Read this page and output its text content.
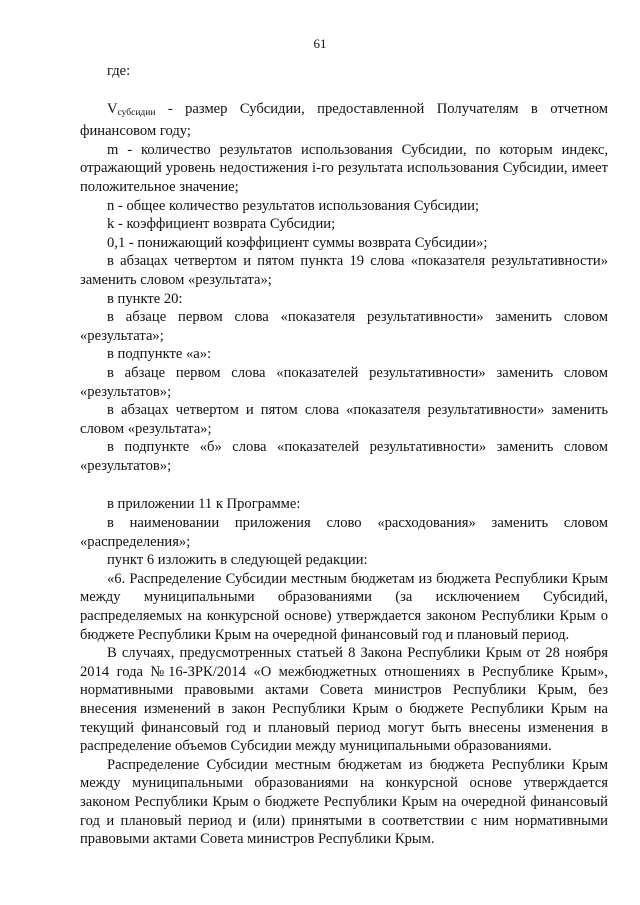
61

где:

$V_{субсидии}$ - размер Субсидии, предоставленной Получателям в отчетном финансовом году;

m - количество результатов использования Субсидии, по которым индекс, отражающий уровень недостижения i-го результата использования Субсидии, имеет положительное значение;

n - общее количество результатов использования Субсидии;

k - коэффициент возврата Субсидии;

0,1 - понижающий коэффициент суммы возврата Субсидии»;

в абзацах четвертом и пятом пункта 19 слова «показателя результативности» заменить словом «результата»;

в пункте 20:

в абзаце первом слова «показателя результативности» заменить словом «результата»;

в подпункте «а»:

в абзаце первом слова «показателей результативности» заменить словом «результатов»;

в абзацах четвертом и пятом слова «показателя результативности» заменить словом «результата»;

в подпункте «б» слова «показателей результативности» заменить словом «результатов»;

в приложении 11 к Программе:

в наименовании приложения слово «расходования» заменить словом «распределения»;

пункт 6 изложить в следующей редакции:

«6. Распределение Субсидии местным бюджетам из бюджета Республики Крым между муниципальными образованиями (за исключением Субсидий, распределяемых на конкурсной основе) утверждается законом Республики Крым о бюджете Республики Крым на очередной финансовый год и плановый период.

В случаях, предусмотренных статьей 8 Закона Республики Крым от 28 ноября 2014 года №16-ЗРК/2014 «О межбюджетных отношениях в Республике Крым», нормативными правовыми актами Совета министров Республики Крым, без внесения изменений в закон Республики Крым о бюджете Республики Крым на текущий финансовый год и плановый период могут быть внесены изменения в распределение объемов Субсидии между муниципальными образованиями.

Распределение Субсидии местным бюджетам из бюджета Республики Крым между муниципальными образованиями на конкурсной основе утверждается законом Республики Крым о бюджете Республики Крым на очередной финансовый год и плановый период и (или) принятыми в соответствии с ним нормативными правовыми актами Совета министров Республики Крым.
